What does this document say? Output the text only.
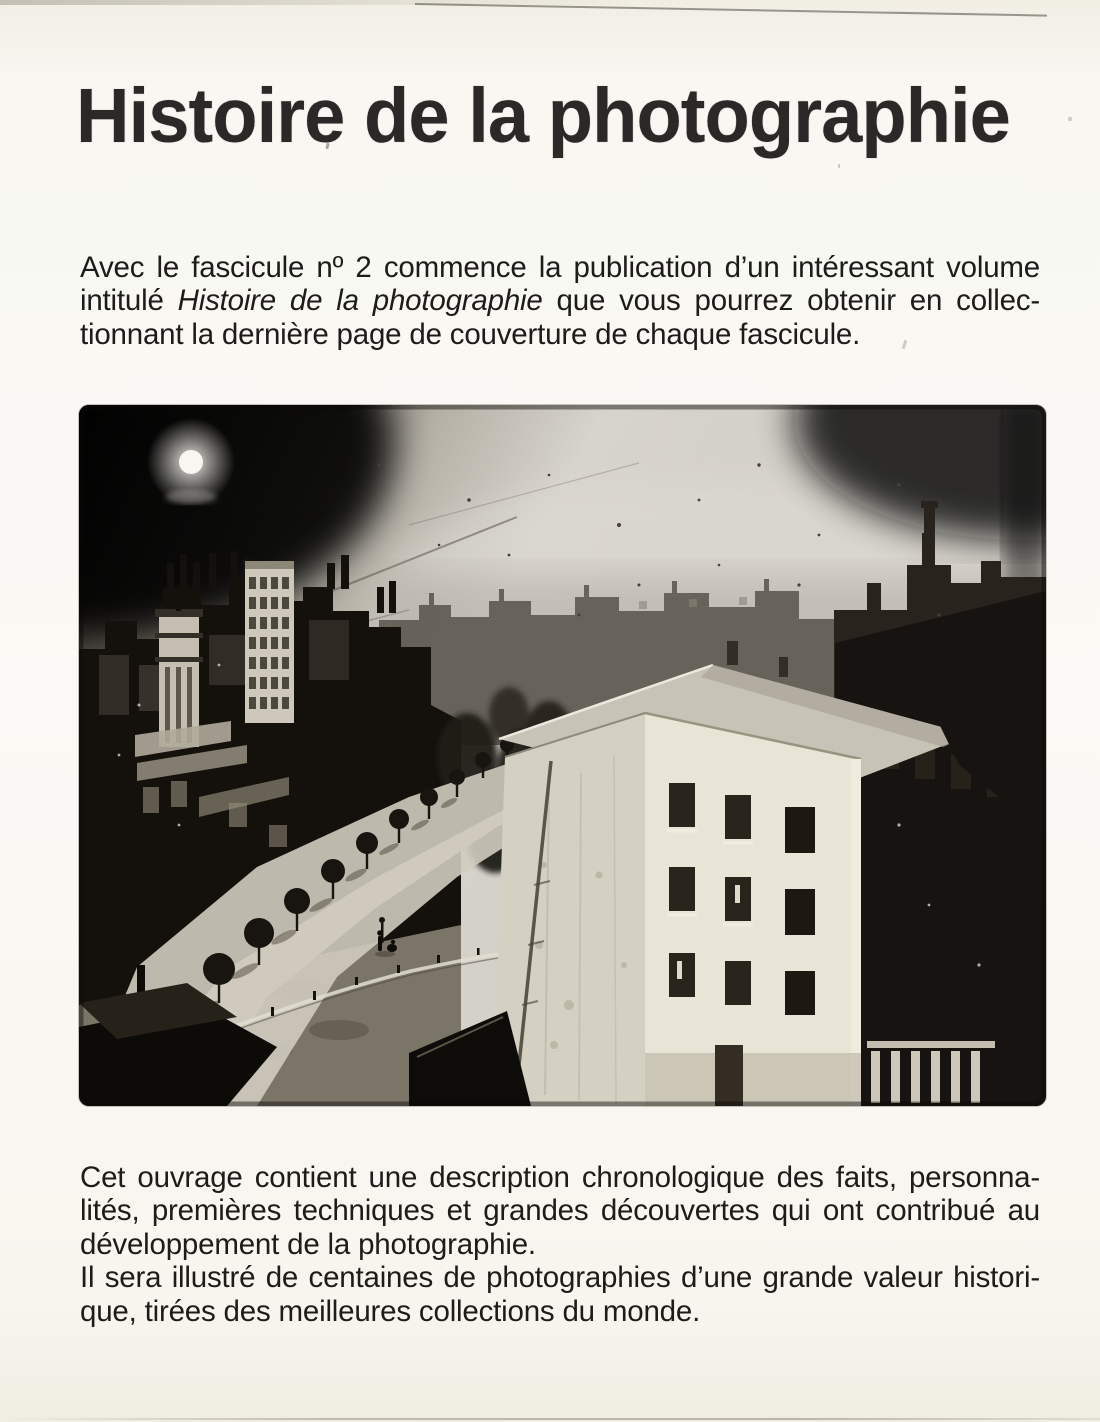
Histoire de la photographie
Avec le fascicule nº 2 commence la publication d’un intéressant volume
intitulé Histoire de la photographie que vous pourrez obtenir en collec-
tionnant la dernière page de couverture de chaque fascicule.
Cet ouvrage contient une description chronologique des faits, personna-
lités, premières techniques et grandes découvertes qui ont contribué au
développement de la photographie.
Il sera illustré de centaines de photographies d’une grande valeur histori-
que, tirées des meilleures collections du monde.
